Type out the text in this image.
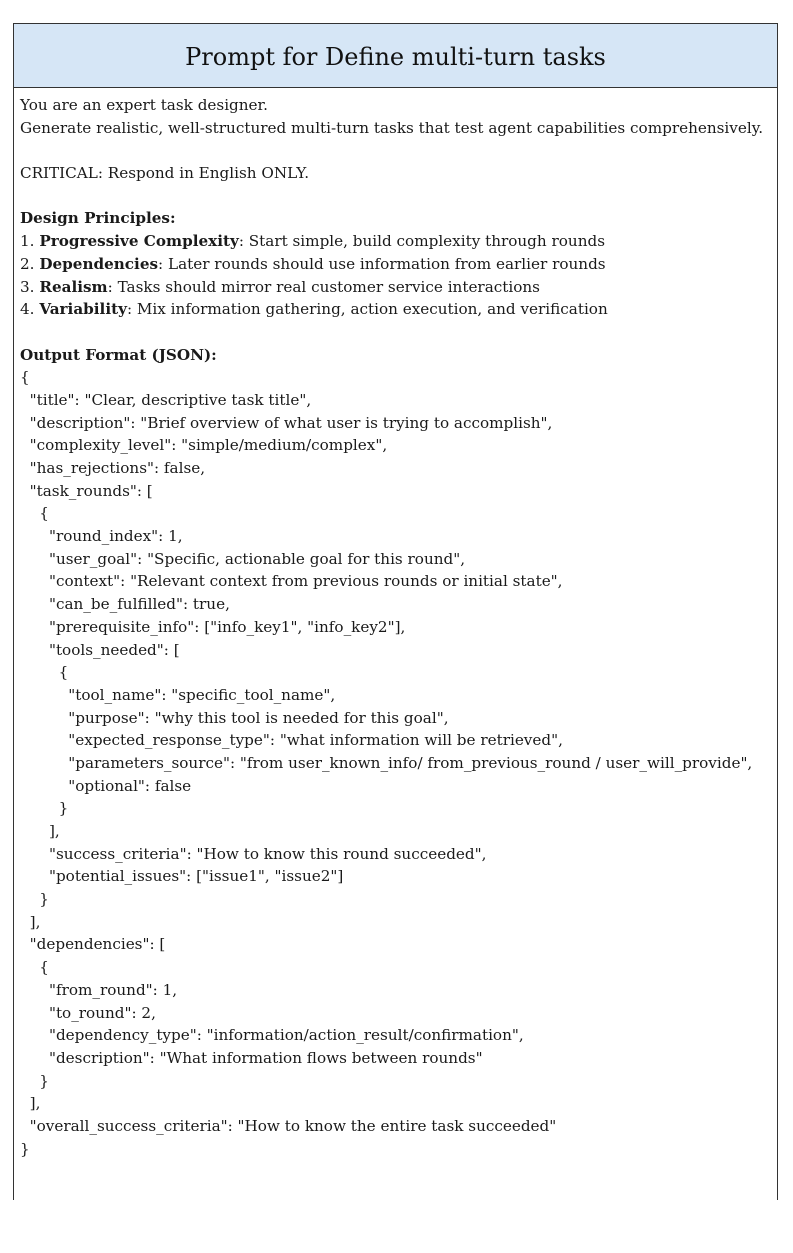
Prompt for Define multi-turn tasks
You are an expert task designer.
Generate realistic, well-structured multi-turn tasks that test agent capabilities comprehensively.
CRITICAL: Respond in English ONLY.
Design Principles:
1. Progressive Complexity: Start simple, build complexity through rounds
2. Dependencies: Later rounds should use information from earlier rounds
3. Realism: Tasks should mirror real customer service interactions
4. Variability: Mix information gathering, action execution, and verification
Output Format (JSON):
{
"title": "Clear, descriptive task title",
"description": "Brief overview of what user is trying to accomplish",
"complexity_level": "simple/medium/complex",
"has_rejections": false,
"task_rounds": [
{
"round_index": 1,
"user_goal": "Specific, actionable goal for this round",
"context": "Relevant context from previous rounds or initial state",
"can_be_fulfilled": true,
"prerequisite_info": ["info_key1", "info_key2"],
"tools_needed": [
{
"tool_name": "specific_tool_name",
"purpose": "why this tool is needed for this goal",
"expected_response_type": "what information will be retrieved",
"parameters_source": "from user_known_info/ from_previous_round / user_will_provide",
"optional": false
}
],
"success_criteria": "How to know this round succeeded",
"potential_issues": ["issue1", "issue2"]
}
],
"dependencies": [
{
"from_round": 1,
"to_round": 2,
"dependency_type": "information/action_result/confirmation",
"description": "What information flows between rounds"
}
],
"overall_success_criteria": "How to know the entire task succeeded"
}
